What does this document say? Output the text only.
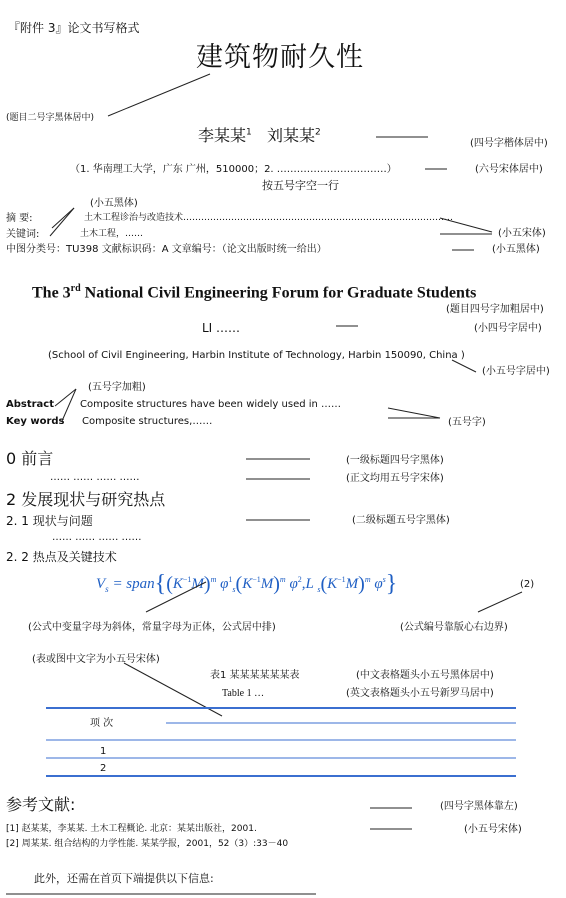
『附件 3』论文书写格式
建筑物耐久性
(题目二号字黑体居中)
李某某$^1$ 刘某某$^2$
(四号字楷体居中)
（1. 华南理工大学，广东 广州，510000；2. ……………………………）	(六号宋体居中)
按五号字空一行
(小五黑体)
摘 要:	土木工程诊治与改造技术………………………………………………………………………………
关键词:	土木工程，……	(小五宋体)
中图分类号：TU398 文献标识码：A 文章编号：（论文出版时统一给出）	(小五黑体)
The 3rd National Civil Engineering Forum for Graduate Students
(题目四号字加粗居中)
LI ……	(小四号字居中)
(School of Civil Engineering, Harbin Institute of Technology, Harbin 150090, China )
(小五号字居中)
(五号字加粗)
Abstract	Composite structures have been widely used in ……
Key words Composite structures,……	(五号字)
0 前言	(一级标题四号字黑体)
…… …… …… ……	(正文均用五号字宋体)
2 发展现状与研究热点
2. 1 现状与问题	(二级标题五号字黑体)
…… …… …… ……
2. 2 热点及关键技术
$V_s$ = $span\{(K^{-1}M)^m$ $\varphi^1_s(K^{-1}M)^m$ $\varphi^2,L$ $_s(K^{-1}M)^m$ $\varphi^s$}	(2)
(公式中变量字母为斜体，常量字母为正体，公式居中排)	(公式编号靠版心右边界)
(表或图中文字为小五号宋体)
表1 某某某某某某表	(中文表格题头小五号黑体居中)
Table 1 …	(英文表格题头小五号新罗马居中)
项 次
1
2
参考文献:	(四号字黑体靠左)
[1] 赵某某，李某某. 土木工程概论. 北京：某某出版社，2001.	(小五号宋体)
[2] 周某某. 组合结构的力学性能. 某某学报，2001，52（3）:33－40
此外，还需在首页下端提供以下信息:
